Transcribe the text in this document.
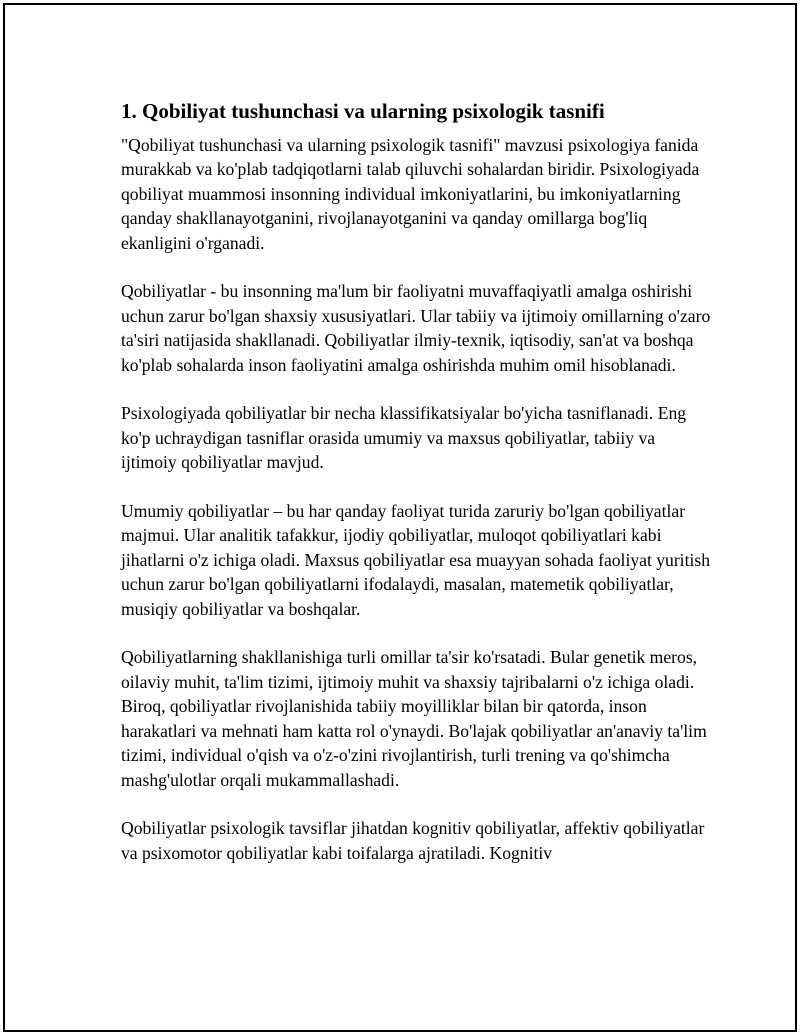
1. Qobiliyat tushunchasi va ularning psixologik tasnifi

"Qobiliyat tushunchasi va ularning psixologik tasnifi" mavzusi psixologiya fanida murakkab va ko'plab tadqiqotlarni talab qiluvchi sohalardan biridir. Psixologiyada qobiliyat muammosi insonning individual imkoniyatlarini, bu imkoniyatlarning qanday shakllanayotganini, rivojlanayotganini va qanday omillarga bog'liq ekanligini o'rganadi.

Qobiliyatlar - bu insonning ma'lum bir faoliyatni muvaffaqiyatli amalga oshirishi uchun zarur bo'lgan shaxsiy xususiyatlari. Ular tabiiy va ijtimoiy omillarning o'zaro ta'siri natijasida shakllanadi. Qobiliyatlar ilmiy-texnik, iqtisodiy, san'at va boshqa ko'plab sohalarda inson faoliyatini amalga oshirishda muhim omil hisoblanadi.

Psixologiyada qobiliyatlar bir necha klassifikatsiyalar bo'yicha tasniflanadi. Eng ko'p uchraydigan tasniflar orasida umumiy va maxsus qobiliyatlar, tabiiy va ijtimoiy qobiliyatlar mavjud.

Umumiy qobiliyatlar – bu har qanday faoliyat turida zaruriy bo'lgan qobiliyatlar majmui. Ular analitik tafakkur, ijodiy qobiliyatlar, muloqot qobiliyatlari kabi jihatlarni o'z ichiga oladi. Maxsus qobiliyatlar esa muayyan sohada faoliyat yuritish uchun zarur bo'lgan qobiliyatlarni ifodalaydi, masalan, matemetik qobiliyatlar, musiqiy qobiliyatlar va boshqalar.

Qobiliyatlarning shakllanishiga turli omillar ta'sir ko'rsatadi. Bular genetik meros, oilaviy muhit, ta'lim tizimi, ijtimoiy muhit va shaxsiy tajribalarni o'z ichiga oladi. Biroq, qobiliyatlar rivojlanishida tabiiy moyilliklar bilan bir qatorda, inson harakatlari va mehnati ham katta rol o'ynaydi. Bo'lajak qobiliyatlar an'anaviy ta'lim tizimi, individual o'qish va o'z-o'zini rivojlantirish, turli trening va qo'shimcha mashg'ulotlar orqali mukammallashadi.

Qobiliyatlar psixologik tavsiflar jihatdan kognitiv qobiliyatlar, affektiv qobiliyatlar va psixomotor qobiliyatlar kabi toifalarga ajratiladi. Kognitiv
